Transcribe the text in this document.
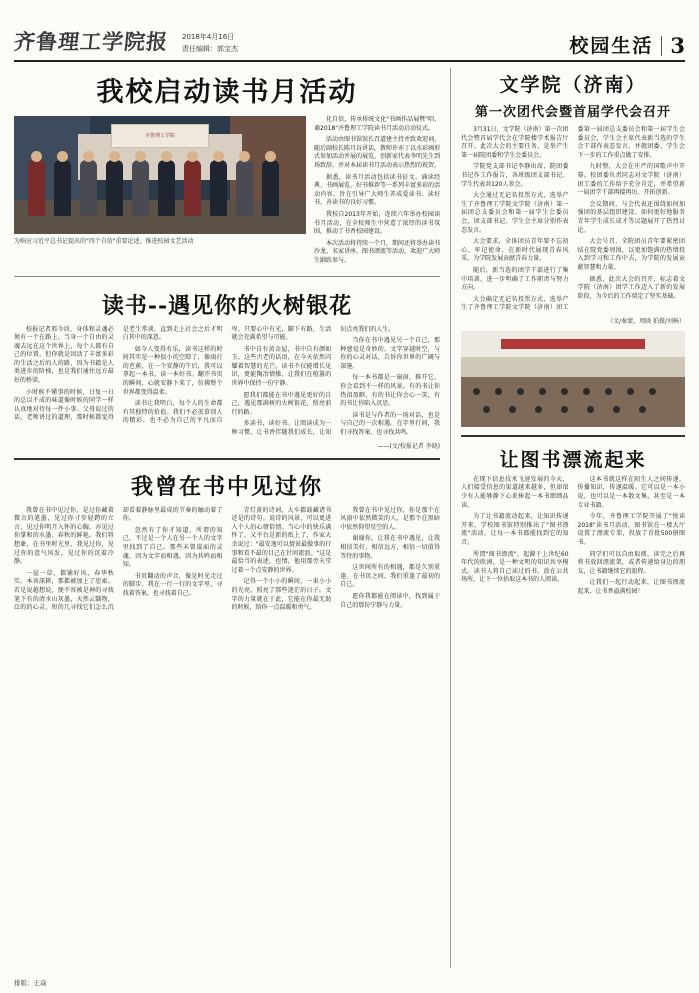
齐鲁理工学院报 2018年4月16日
责任编辑：郭宝杰	校园生活 3
我校启动读书月活动
齐鲁理工学院
为响应习近平总书记提出的"四个自信"重要论述，推进校园文艺活动

化自信，传承传统文化"书画作品展暨"唱、诵2018"齐鲁理工学院读书月活动启动仪式。

活动由图书馆馆长召道建主持并致欢迎词，随后副校长陈月谷讲话，教师许亦丁以水彩画形式参加活动并展的展览，创新家代表李明先生到场致辞，并对本届读书月活动表示热烈的祝贺。

据悉，读书月活动包括读书征文、诵读经典、书画展览、好书推荐等一系列丰富多彩的活动内容，旨在引导广大师生养成爱读书、读好书、善读书的良好习惯。

我校自2013年开始，连续六年举办校园读书月活动，在全校师生中营造了浓厚的读书氛围，推动了书香校园建设。

本次活动将持续一个月，期间还将举办读书沙龙、名家讲座、图书漂流等活动，欢迎广大师生踊跃参与。

读书--遇见你的火树银花

校报记者邢今居，身体和灵魂必须有一个在路上。当身一个自由的灵魂去远在这个世界上，每个人都有自己的位置、但你就是因活了丰富多彩的生活之后的人的路，因为书籍是人类进步的阶梯，也是我们通往远方最好的桥梁。

小时候不懂事的时候，日复一日的总以不成的味道像时候的同学一样认真地对待每一件小事。父母说过的话，老师讲过的道理，那时候都觉得是老生常谈，直到走上社会之后才明白其中的深意。

如今人变得有乐，读书这样的时间其实是一种很小的空隙了，像雨打的芭蕉，在一个安静的午后，我可以拿起一本书，读一本好书。翻开书页的瞬间，心就安静下来了，仿佛整个世界都变得温柔。

读书让我明白，每个人的生命都有其独特的价值。我们不必羡慕别人的精彩，也不必为自己的平凡而自卑。只要心中有光，脚下有路，生活就会充满希望与可能。

书中自有黄金屋，书中自有颜如玉。这些古老的话语，在今天依然闪耀着智慧的光芒。读书不仅能增长见识，更能陶冶情操，让我们在喧嚣的世界中保持一份宁静。

愿我们都能在书中遇见更好的自己，遇见那满树的火树银花，照亮前行的路。

多读书，读好书。让阅读成为一种习惯，让书香伴随我们成长，让知识点亮我们的人生。

当你在书中遇见另一个自己，那种感觉是奇妙的。文字穿越时空，与你的心灵对话，告诉你世界的广阔与深邃。

每一本书都是一扇窗，推开它，你会看到不一样的风景。有的书让你热泪盈眶，有的书让你会心一笑，有的书让你陷入沉思。

读书是与作者的一场对话，也是与自己的一次相遇。在字里行间，我们寻找答案，也寻找共鸣。

——(文/校报记者 李晓)
我曾在书中见过你

我曾在书中见过你，是过你藏着微言的笔墨，见过你寸步轻跨的立言，见过你明月入怀的心胸，亦见过你掌和的水墨、春秋的鲜艳。我们将想象，在书里时光里，我见过你，见过你的意气风发，见过你的沉着冷静。

一屋一草，都铺好风，春华秋实。本该深耕，那都被加上了思索。若是说越想说，便不容被是神的寻找笔下有的清水山灰墨，天然云翳物，泛的的心灵，短的几寻找它们怎么沉却看着静脉里最成的节奏的触动着了你。

忽然有了你才知道，所谓的知己，不过是一个人在另一个人的文字里找到了自己。那些未曾谋面的灵魂，因为文字而相遇，因为共鸣而相知。

书页翻动的声音，像是时光走过的脚步。我在一行一行的文字里，寻找着答案，也寻找着自己。

青灯黄的诗词，大车都载藏诸书还是的诗句。说诗的风景，可以更进入个人的心情俗情。当心中的快乐满怀了，又平台是新的纸上了，作家大余说过："最安逸可以情景最傲事的行事和看不最的目己在针问流浪。"这是最恰当的表述，也情，他用那旁天堂过着一个点安静的世界。

记得一个小小的瞬间，一束小小的光亮，照亮了那些迷茫的日子。文字的力量就在于此，它能在你最无助的时候，给你一点温暖和勇气。

我曾在书中见过你，你是那个在风雨中依然微笑的人，是那个在黑暗中依然仰望星空的人。

谢谢你，让我在书中遇见，让我相信美好，相信远方，相信一切值得等待的事物。

这世间所有的相遇，都是久别重逢。在书页之间，我们重逢了最初的自己。

愿你我都能在阅读中，找到属于自己的那份宁静与力量。

文学院（济南）
第一次团代会暨首届学代会召开

3月31日，文学院（济南）第一次团代会暨首届学代会在学院楼学术报告厅召开。此次大会的主要任务，是举产生第一届院团委和学生会委员会。

学院党支部书记李静出席，院团委书记作工作报告，各班级团支部书记、学生代表共120人参会。

大会通过无记名投票方式，选举产生了齐鲁理工学院文学院（济南）第一届团总支委员会和第一届学生会委员会，团支部书记、学生会主席分别作表态发言。

大会要求，全体团员青年要不忘初心，牢记使命，在新时代展现青春风采，为学院发展贡献青春力量。

随后，新当选的团学干部进行了集中培训，进一步明确了工作职责与努力方向。

大会确定无记名投票方式，选举产生了齐鲁理工学院文学院（济南）团工委第一届团总支委员会和第一届学生会委员会，学生会主席代表新当选的学生会干部作表态发言，并就团委、学生会下一步的工作重点做了安排。

九时整，大会在庄严的国歌声中开幕。校团委负责同志对文学院（济南）团工委的工作给予充分肯定，并希望新一届团学干部再接再厉、开拓创新。

会议期间，与会代表还围绕如何加强团的基层组织建设、如何更好地服务青年学生成长成才等议题展开了热烈讨论。

大会号召，全院团员青年要紧密团结在院党委周围，以更加饱满的热情投入到学习和工作中去，为学院的发展贡献智慧和力量。

据悉，此次大会的召开，标志着文学院（济南）团学工作迈入了新的发展阶段，为今后的工作奠定了坚实基础。

（文/秦蒙，周晓 拍摄/刘畅）
让图书漂流起来

在现下信息技术飞速发展的今天，人们接受信息的渠道越来越多，但却很少有人能够静下心来捧起一本书细细品读。

为了让书籍流动起来，让知识传递开来，学校图书馆特别推出了"图书漂流"活动，让每一本书都能找到它的知音。

所谓"图书漂流"，起源于上世纪60年代的欧洲，是一种文明的知识共享模式。读书人将自己读过的书，放在公共场所，让下一位拾取这本书的人阅读。

这本书就这样在陌生人之间传递，传播知识，传递温暖。它可以是一本小说，也可以是一本散文集，甚至是一本专业书籍。

今年，齐鲁理工学院开展了"悦读2018"读书月活动，图书馆在一楼大厅设置了漂流专架，投放了首批500册图书。

同学们可以自由取阅，读完之后再将书放回漂流架，或者传递给身边的朋友，让书籍继续它的旅程。

让我们一起行动起来，让图书漂流起来，让书香溢满校园！

排版：王焱
